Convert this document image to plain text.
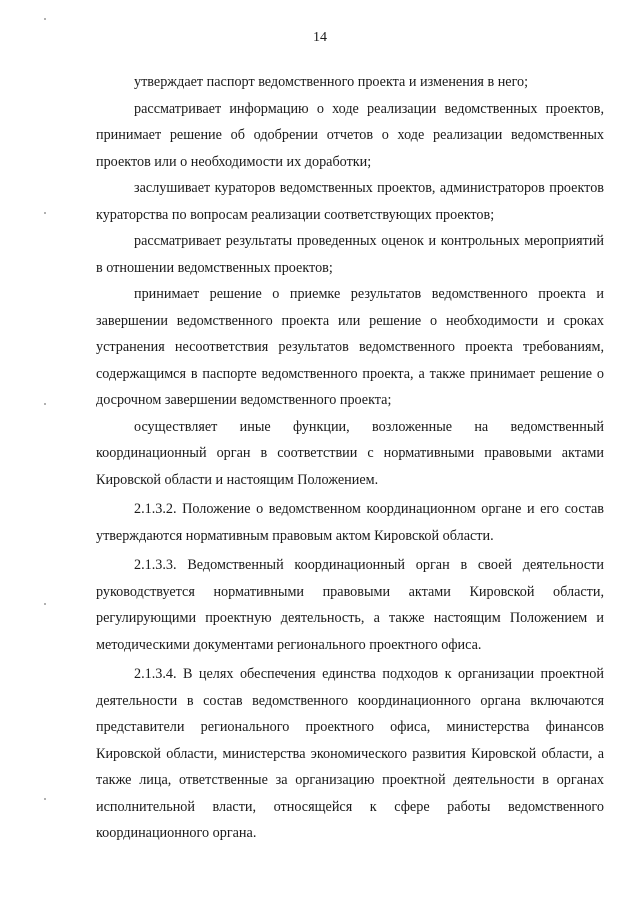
14

утверждает паспорт ведомственного проекта и изменения в него;

рассматривает информацию о ходе реализации ведомственных проектов, принимает решение об одобрении отчетов о ходе реализации ведомственных проектов или о необходимости их доработки;

заслушивает кураторов ведомственных проектов, администраторов проектов кураторства по вопросам реализации соответствующих проектов;

рассматривает результаты проведенных оценок и контрольных мероприятий в отношении ведомственных проектов;

принимает решение о приемке результатов ведомственного проекта и завершении ведомственного проекта или решение о необходимости и сроках устранения несоответствия результатов ведомственного проекта требованиям, содержащимся в паспорте ведомственного проекта, а также принимает решение о досрочном завершении ведомственного проекта;

осуществляет иные функции, возложенные на ведомственный координационный орган в соответствии с нормативными правовыми актами Кировской области и настоящим Положением.

2.1.3.2. Положение о ведомственном координационном органе и его состав утверждаются нормативным правовым актом Кировской области.

2.1.3.3. Ведомственный координационный орган в своей деятельности руководствуется нормативными правовыми актами Кировской области, регулирующими проектную деятельность, а также настоящим Положением и методическими документами регионального проектного офиса.

2.1.3.4. В целях обеспечения единства подходов к организации проектной деятельности в состав ведомственного координационного органа включаются представители регионального проектного офиса, министерства финансов Кировской области, министерства экономического развития Кировской области, а также лица, ответственные за организацию проектной деятельности в органах исполнительной власти, относящейся к сфере работы ведомственного координационного органа.
